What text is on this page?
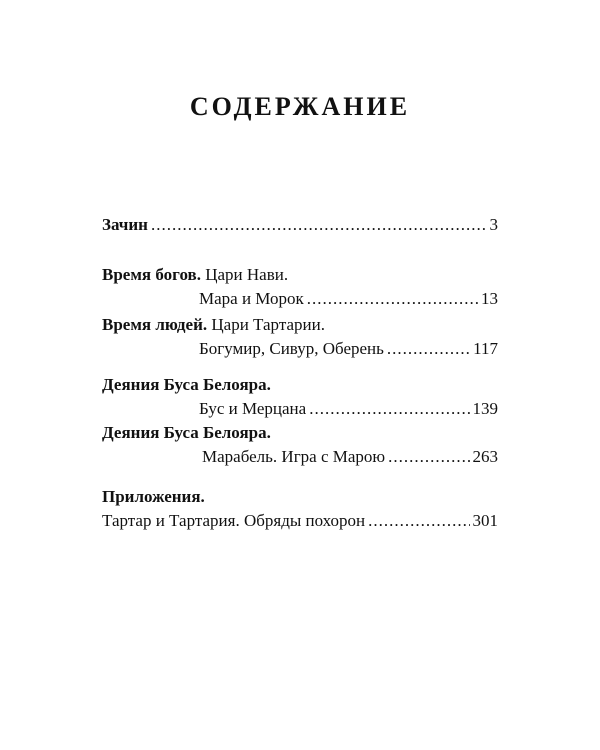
СОДЕРЖАНИЕ
Зачин .....	3
Время богов. Цари Нави.
Мара и Морок .....	13
Время людей. Цари Тартарии.
Богумир, Сивур, Оберень .....	117
Деяния Буса Белояра.
Бус и Мерцана .....	139
Деяния Буса Белояра.
Марабель. Игра с Марою .....	263
Приложения.
Тартар и Тартария. Обряды похорон .....	301
